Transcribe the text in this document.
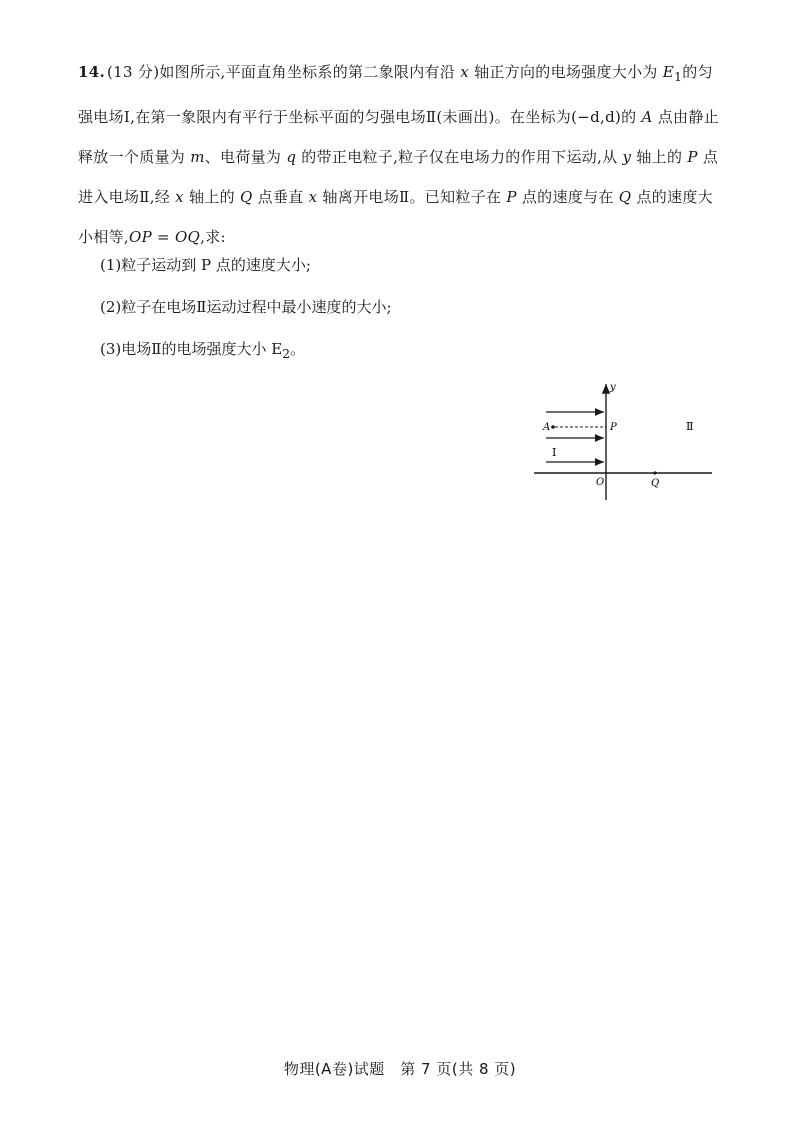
14. (13 分)如图所示,平面直角坐标系的第二象限内有沿 x 轴正方向的电场强度大小为 $E_1$的匀强电场Ⅰ,在第一象限内有平行于坐标平面的匀强电场Ⅱ(未画出)。在坐标为(−d,d)的 A 点由静止释放一个质量为 m、电荷量为 q 的带正电粒子,粒子仅在电场力的作用下运动,从 y 轴上的 P 点进入电场Ⅱ,经 x 轴上的 Q 点垂直 x 轴离开电场Ⅱ。已知粒子在 P 点的速度与在 Q 点的速度大小相等,OP = OQ,求:

(1)粒子运动到 P 点的速度大小;
(2)粒子在电场Ⅱ运动过程中最小速度的大小;
(3)电场Ⅱ的电场强度大小 $E_2$。
y
A	P
Ⅰ
Ⅱ
O	Q
物理(A卷)试题　第 7 页(共 8 页)
